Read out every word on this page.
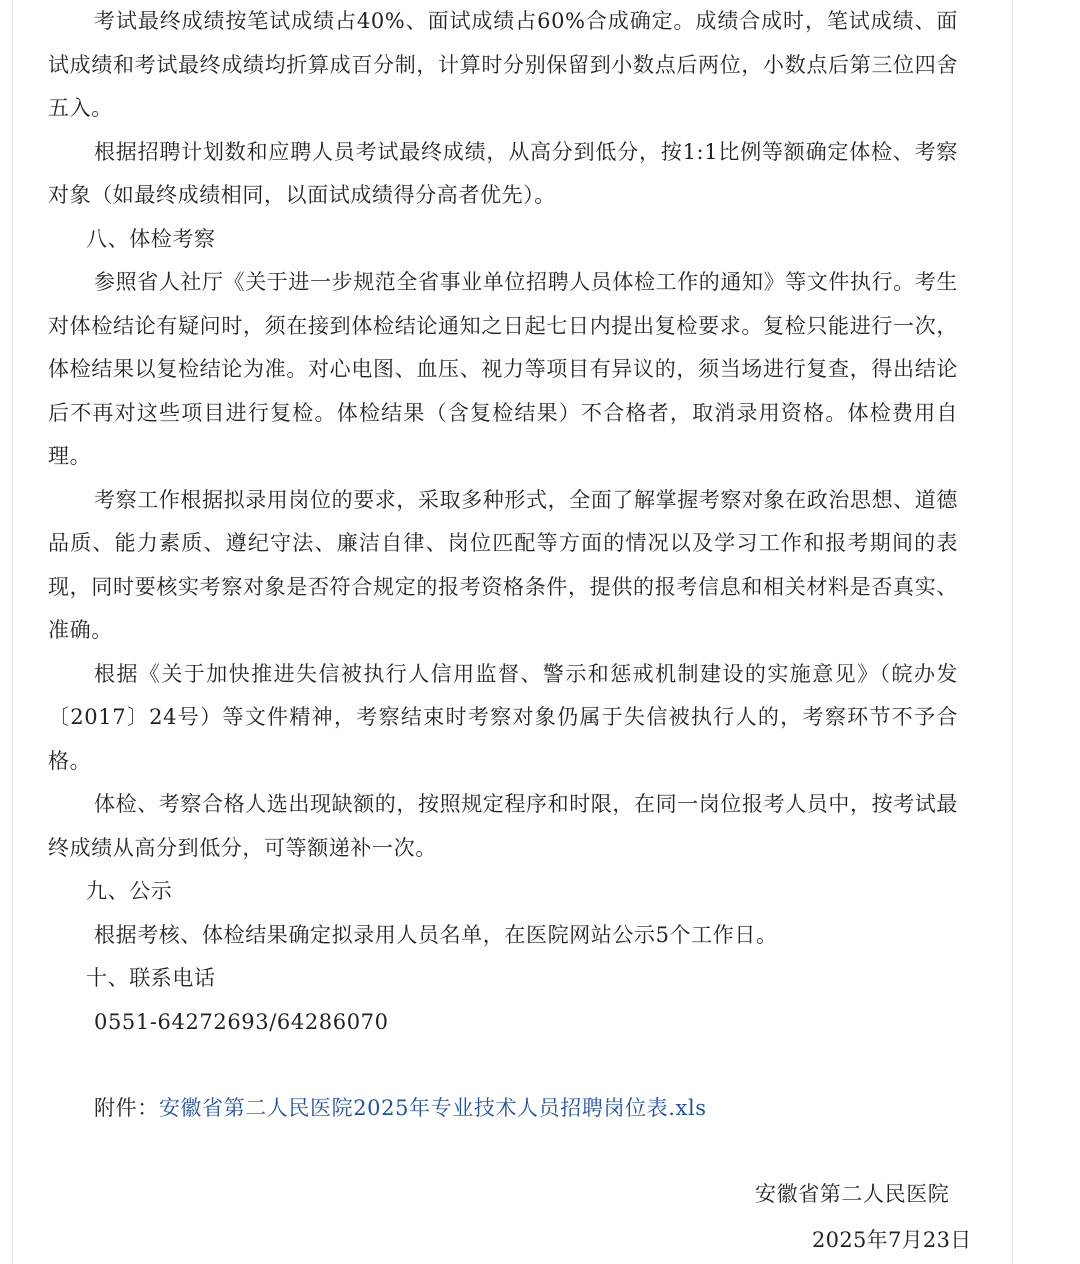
考试最终成绩按笔试成绩占40%、面试成绩占60%合成确定。成绩合成时，笔试成绩、面试成绩和考试最终成绩均折算成百分制，计算时分别保留到小数点后两位，小数点后第三位四舍五入。

根据招聘计划数和应聘人员考试最终成绩，从高分到低分，按1:1比例等额确定体检、考察对象（如最终成绩相同，以面试成绩得分高者优先）。

八、体检考察

参照省人社厅《关于进一步规范全省事业单位招聘人员体检工作的通知》等文件执行。考生对体检结论有疑问时，须在接到体检结论通知之日起七日内提出复检要求。复检只能进行一次，体检结果以复检结论为准。对心电图、血压、视力等项目有异议的，须当场进行复查，得出结论后不再对这些项目进行复检。体检结果（含复检结果）不合格者，取消录用资格。体检费用自理。

考察工作根据拟录用岗位的要求，采取多种形式，全面了解掌握考察对象在政治思想、道德品质、能力素质、遵纪守法、廉洁自律、岗位匹配等方面的情况以及学习工作和报考期间的表现，同时要核实考察对象是否符合规定的报考资格条件，提供的报考信息和相关材料是否真实、准确。

根据《关于加快推进失信被执行人信用监督、警示和惩戒机制建设的实施意见》（皖办发〔2017〕24号）等文件精神，考察结束时考察对象仍属于失信被执行人的，考察环节不予合格。

体检、考察合格人选出现缺额的，按照规定程序和时限，在同一岗位报考人员中，按考试最终成绩从高分到低分，可等额递补一次。

九、公示

根据考核、体检结果确定拟录用人员名单，在医院网站公示5个工作日。

十、联系电话

0551-64272693/64286070

附件：安徽省第二人民医院2025年专业技术人员招聘岗位表.xls

安徽省第二人民医院
2025年7月23日
